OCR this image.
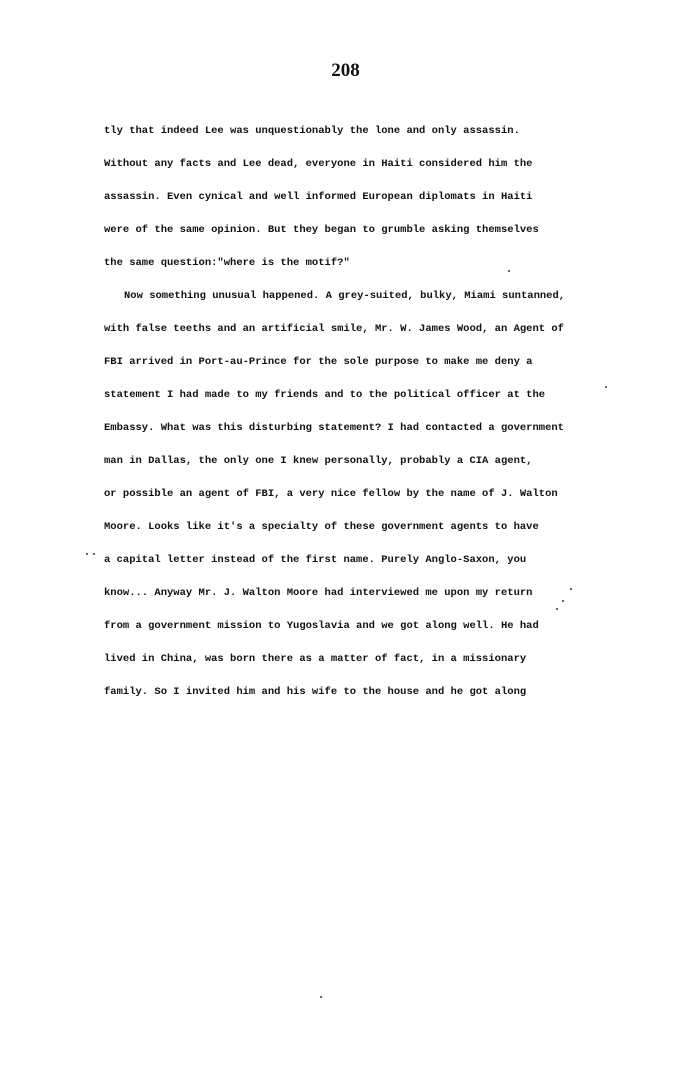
208
tly that indeed Lee was unquestionably the lone and only assassin.
Without any facts and Lee dead, everyone in Haiti considered him the
assassin. Even cynical and well informed European diplomats in Haiti
were of the same opinion. But they began to grumble asking themselves
the same question:"where is the motif?"
Now something unusual happened. A grey-suited, bulky, Miami suntanned,
with false teeths and an artificial smile, Mr. W. James Wood, an Agent of
FBI arrived in Port-au-Prince for the sole purpose to make me deny a
statement I had made to my friends and to the political officer at the
Embassy. What was this disturbing statement? I had contacted a government
man in Dallas, the only one I knew personally, probably a CIA agent,
or possible an agent of FBI, a very nice fellow by the name of J. Walton
Moore. Looks like it's a specialty of these government agents to have
a capital letter instead of the first name. Purely Anglo-Saxon, you
know... Anyway Mr. J. Walton Moore had interviewed me upon my return
from a government mission to Yugoslavia and we got along well. He had
lived in China, was born there as a matter of fact, in a missionary
family. So I invited him and his wife to the house and he got along
